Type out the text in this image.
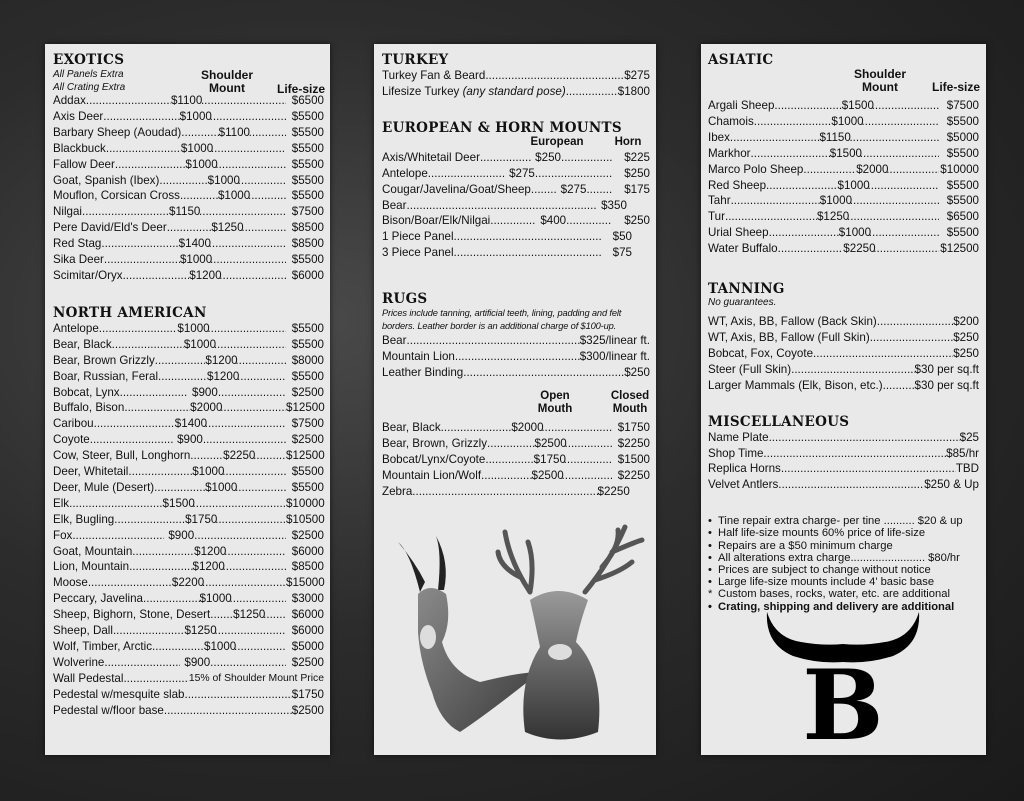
EXOTICS
All Panels Extra
All Crating Extra
Shoulder
Mount	Life-size
Addax .....	$1100 .....	$6500
Axis Deer .....	$1000 .....	$5500
Barbary Sheep (Aoudad) .....	$1100 .....	$5500
Blackbuck .....	$1000 .....	$5500
Fallow Deer .....	$1000 .....	$5500
Goat, Spanish (Ibex) .....	$1000 .....	$5500
Mouflon, Corsican Cross .....	$1000 .....	$5500
Nilgai .....	$1150 .....	$7500
Pere David/Eld's Deer .....	$1250 .....	$8500
Red Stag .....	$1400 .....	$8500
Sika Deer .....	$1000 .....	$5500
Scimitar/Oryx .....	$1200 .....	$6000
NORTH AMERICAN
Antelope .....	$1000 .....	$5500
Bear, Black .....	$1000 .....	$5500
Bear, Brown Grizzly .....	$1200 .....	$8000
Boar, Russian, Feral .....	$1200 .....	$5500
Bobcat, Lynx .....	$900 .....	$2500
Buffalo, Bison .....	$2000 .....	$12500
Caribou .....	$1400 .....	$7500
Coyote .....	$900 .....	$2500
Cow, Steer, Bull, Longhorn .....	$2250 .....	$12500
Deer, Whitetail .....	$1000 .....	$5500
Deer, Mule (Desert) .....	$1000 .....	$5500
Elk .....	$1500 .....	$10000
Elk, Bugling .....	$1750 .....	$10500
Fox .....	$900 .....	$2500
Goat, Mountain .....	$1200 .....	$6000
Lion, Mountain .....	$1200 .....	$8500
Moose .....	$2200 .....	$15000
Peccary, Javelina .....	$1000 .....	$3000
Sheep, Bighorn, Stone, Desert ..... $1250 .....	$6000
Sheep, Dall .....	$1250 .....	$6000
Wolf, Timber, Arctic .....	$1000 .....	$5000
Wolverine .....	$900 .....	$2500
Wall Pedestal .....	15% of Shoulder Mount Price
Pedestal w/mesquite slab .....	$1750
Pedestal w/floor base .....	$2500
TURKEY
Turkey Fan & Beard .....	$275
Lifesize Turkey
(any standard pose) .....	$1800
EUROPEAN & HORN MOUNTS
European	Horn
Axis/Whitetail Deer .....	$250 .....	$225
Antelope .....	$275 .....	$250
Cougar/Javelina/Goat/Sheep .....	$275 .....	$175
Bear .....	$350
Bison/Boar/Elk/Nilgai .....	$400 .....	$250
1 Piece Panel .....	$50
3 Piece Panel .....	$75
RUGS
Prices include tanning, artificial teeth, lining, padding and felt borders. Leather border is an additional charge of $100-up.
Bear .....	$325/linear ft.
Mountain Lion .....	$300/linear ft.
Leather Binding .....	$250
Open
Mouth
Closed
Mouth
Bear, Black .....	$2000 .....	$1750
Bear, Brown, Grizzly .....	$2500 .....	$2250
Bobcat/Lynx/Coyote .....	$1750 .....	$1500
Mountain Lion/Wolf .....	$2500 .....	$2250
Zebra .....	$2250
ASIATIC
Shoulder
Mount	Life-size
Argali Sheep .....	$1500 .....	$7500
Chamois .....	$1000 .....	$5500
Ibex .....	$1150 .....	$5000
Markhor .....	$1500 .....	$5500
Marco Polo Sheep .....	$2000 .....	$10000
Red Sheep .....	$1000 .....	$5500
Tahr .....	$1000 .....	$5500
Tur .....	$1250 .....	$6500
Urial Sheep .....	$1000 .....	$5500
Water Buffalo .....	$2250 .....	$12500
TANNING
No guarantees.
WT, Axis, BB, Fallow (Back Skin) .....	$200
WT, Axis, BB, Fallow (Full Skin) .....	$250
Bobcat, Fox, Coyote .....	$250
Steer (Full Skin) .....	$30 per sq.ft
Larger Mammals (Elk, Bison, etc.) .....	$30 per sq.ft
MISCELLANEOUS
Name Plate .....	$25
Shop Time .....	$85/hr
Replica Horns .....	TBD
Velvet Antlers .....	$250 & Up
• Tine repair extra charge- per tine .......... $20 & up
• Half life-size mounts 60% price of life-size
• Repairs are a $50 minimum charge
• All alterations extra charge........................ $80/hr
• Prices are subject to change without notice
• Large life-size mounts include 4' basic base
* Custom bases, rocks, water, etc. are additional
• Crating, shipping and delivery are additional
B
